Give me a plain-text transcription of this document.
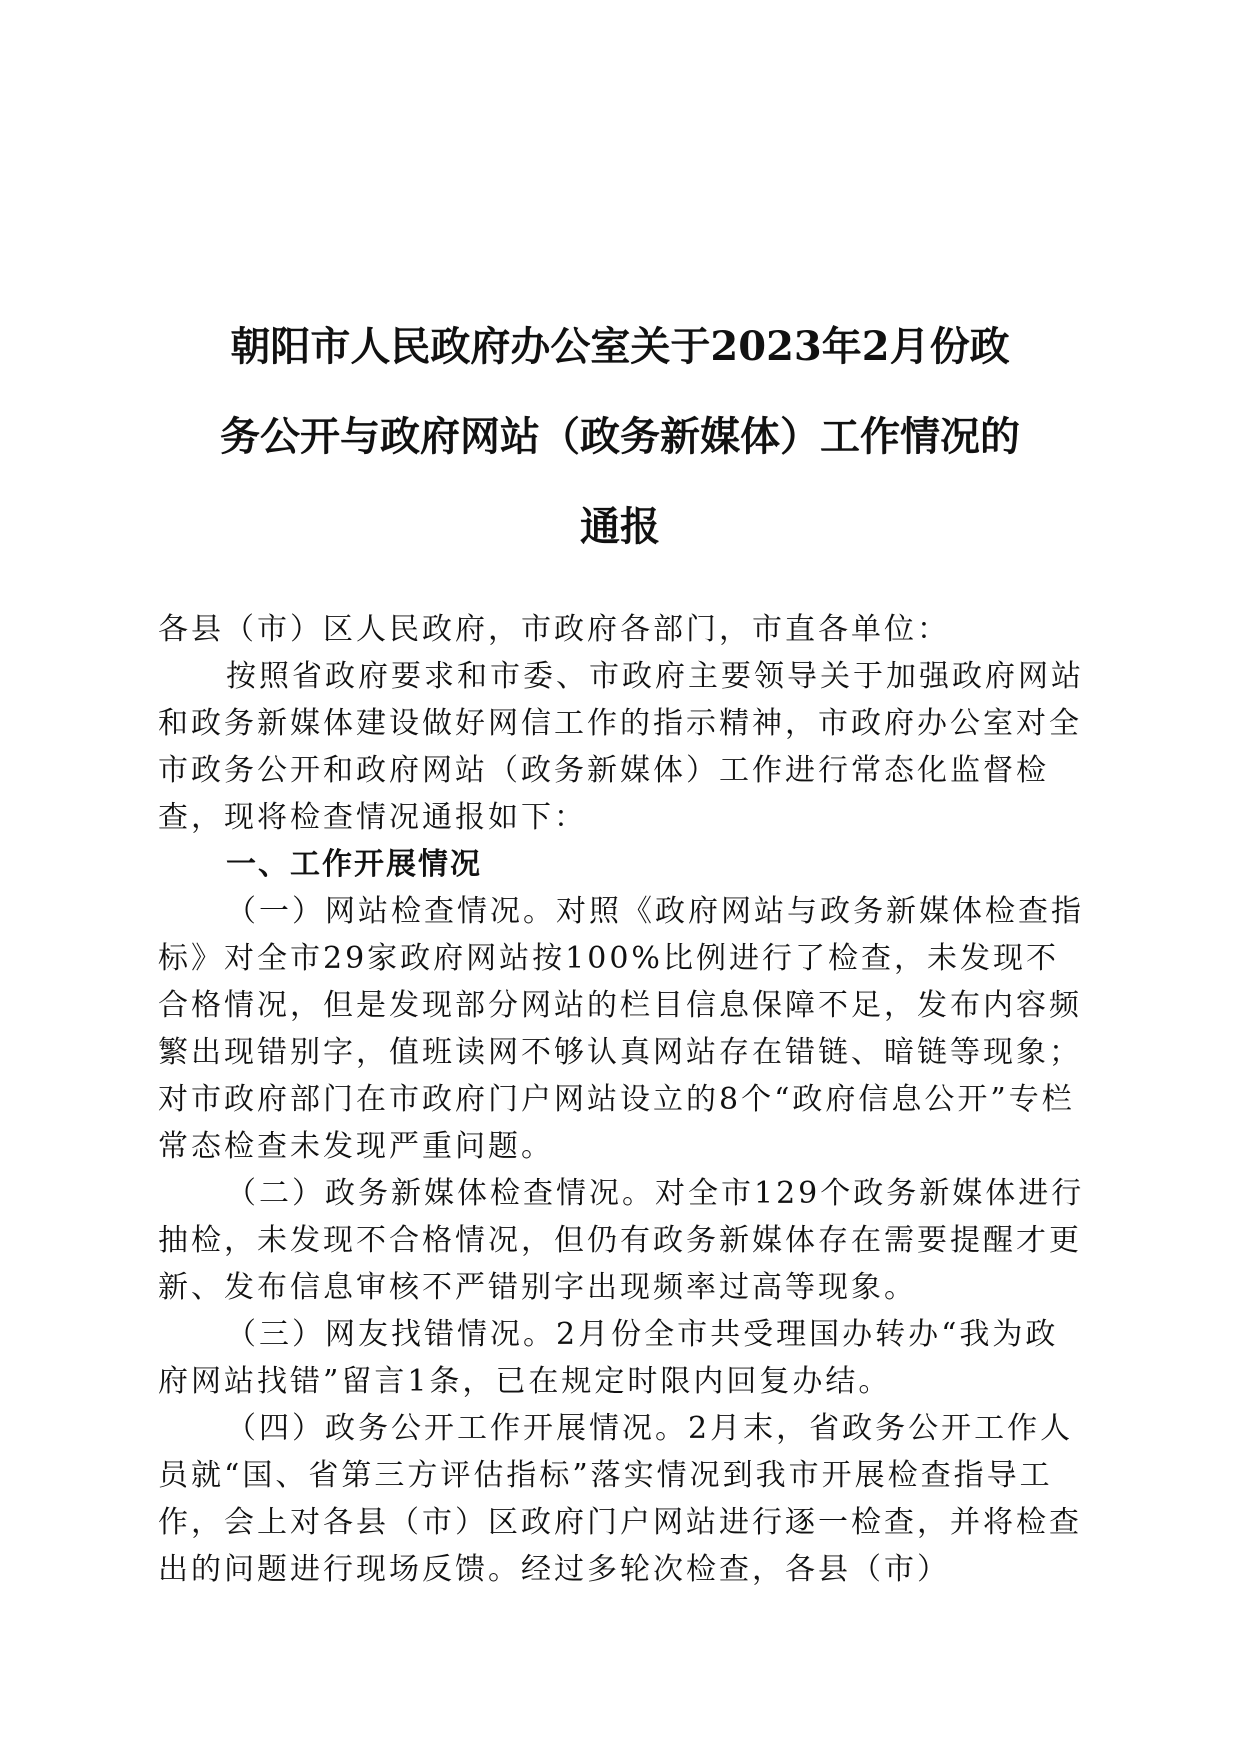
朝阳市人民政府办公室关于2023年2月份政
务公开与政府网站（政务新媒体）工作情况的
通报

各县（市）区人民政府，市政府各部门，市直各单位：

按照省政府要求和市委、市政府主要领导关于加强政府网站和政务新媒体建设做好网信工作的指示精神，市政府办公室对全市政务公开和政府网站（政务新媒体）工作进行常态化监督检查，现将检查情况通报如下：

一、工作开展情况

（一）网站检查情况。对照《政府网站与政务新媒体检查指标》对全市29家政府网站按100%比例进行了检查，未发现不合格情况，但是发现部分网站的栏目信息保障不足，发布内容频繁出现错别字，值班读网不够认真网站存在错链、暗链等现象；对市政府部门在市政府门户网站设立的8个“政府信息公开”专栏常态检查未发现严重问题。

（二）政务新媒体检查情况。对全市129个政务新媒体进行抽检，未发现不合格情况，但仍有政务新媒体存在需要提醒才更新、发布信息审核不严错别字出现频率过高等现象。

（三）网友找错情况。2月份全市共受理国办转办“我为政府网站找错”留言1条，已在规定时限内回复办结。

（四）政务公开工作开展情况。2月末，省政务公开工作人员就“国、省第三方评估指标”落实情况到我市开展检查指导工作，会上对各县（市）区政府门户网站进行逐一检查，并将检查出的问题进行现场反馈。经过多轮次检查，各县（市）
